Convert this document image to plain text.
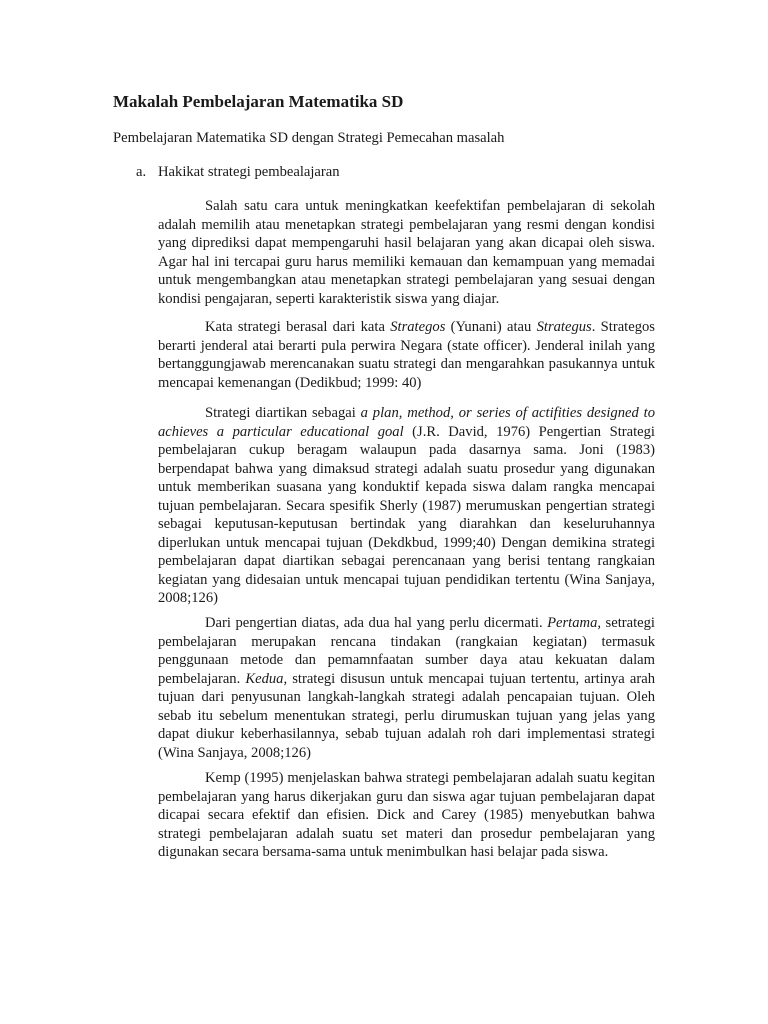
Makalah Pembelajaran Matematika SD

Pembelajaran Matematika SD dengan Strategi Pemecahan masalah

a. Hakikat strategi pembealajaran

Salah satu cara untuk meningkatkan keefektifan pembelajaran di sekolah adalah memilih atau menetapkan strategi pembelajaran yang resmi dengan kondisi yang diprediksi dapat mempengaruhi hasil belajaran yang akan dicapai oleh siswa. Agar hal ini tercapai guru harus memiliki kemauan dan kemampuan yang memadai untuk mengembangkan atau menetapkan strategi pembelajaran yang sesuai dengan kondisi pengajaran, seperti karakteristik siswa yang diajar.

Kata strategi berasal dari kata Strategos (Yunani) atau Strategus. Strategos berarti jenderal atai berarti pula perwira Negara (state officer). Jenderal inilah yang bertanggungjawab merencanakan suatu strategi dan mengarahkan pasukannya untuk mencapai kemenangan (Dedikbud; 1999: 40)

Strategi diartikan sebagai a plan, method, or series of actifities designed to achieves a particular educational goal (J.R. David, 1976) Pengertian Strategi pembelajaran cukup beragam walaupun pada dasarnya sama. Joni (1983) berpendapat bahwa yang dimaksud strategi adalah suatu prosedur yang digunakan untuk memberikan suasana yang konduktif kepada siswa dalam rangka mencapai tujuan pembelajaran. Secara spesifik Sherly (1987) merumuskan pengertian strategi sebagai keputusan-keputusan bertindak yang diarahkan dan keseluruhannya diperlukan untuk mencapai tujuan (Dekdkbud, 1999;40) Dengan demikina strategi pembelajaran dapat diartikan sebagai perencanaan yang berisi tentang rangkaian kegiatan yang didesaian untuk mencapai tujuan pendidikan tertentu (Wina Sanjaya, 2008;126)

Dari pengertian diatas, ada dua hal yang perlu dicermati. Pertama, setrategi pembelajaran merupakan rencana tindakan (rangkaian kegiatan) termasuk penggunaan metode dan pemamnfaatan sumber daya atau kekuatan dalam pembelajaran. Kedua, strategi disusun untuk mencapai tujuan tertentu, artinya arah tujuan dari penyusunan langkah-langkah strategi adalah pencapaian tujuan. Oleh sebab itu sebelum menentukan strategi, perlu dirumuskan tujuan yang jelas yang dapat diukur keberhasilannya, sebab tujuan adalah roh dari implementasi strategi (Wina Sanjaya, 2008;126)

Kemp (1995) menjelaskan bahwa strategi pembelajaran adalah suatu kegitan pembelajaran yang harus dikerjakan guru dan siswa agar tujuan pembelajaran dapat dicapai secara efektif dan efisien. Dick and Carey (1985) menyebutkan bahwa strategi pembelajaran adalah suatu set materi dan prosedur pembelajaran yang digunakan secara bersama-sama untuk menimbulkan hasi belajar pada siswa.
